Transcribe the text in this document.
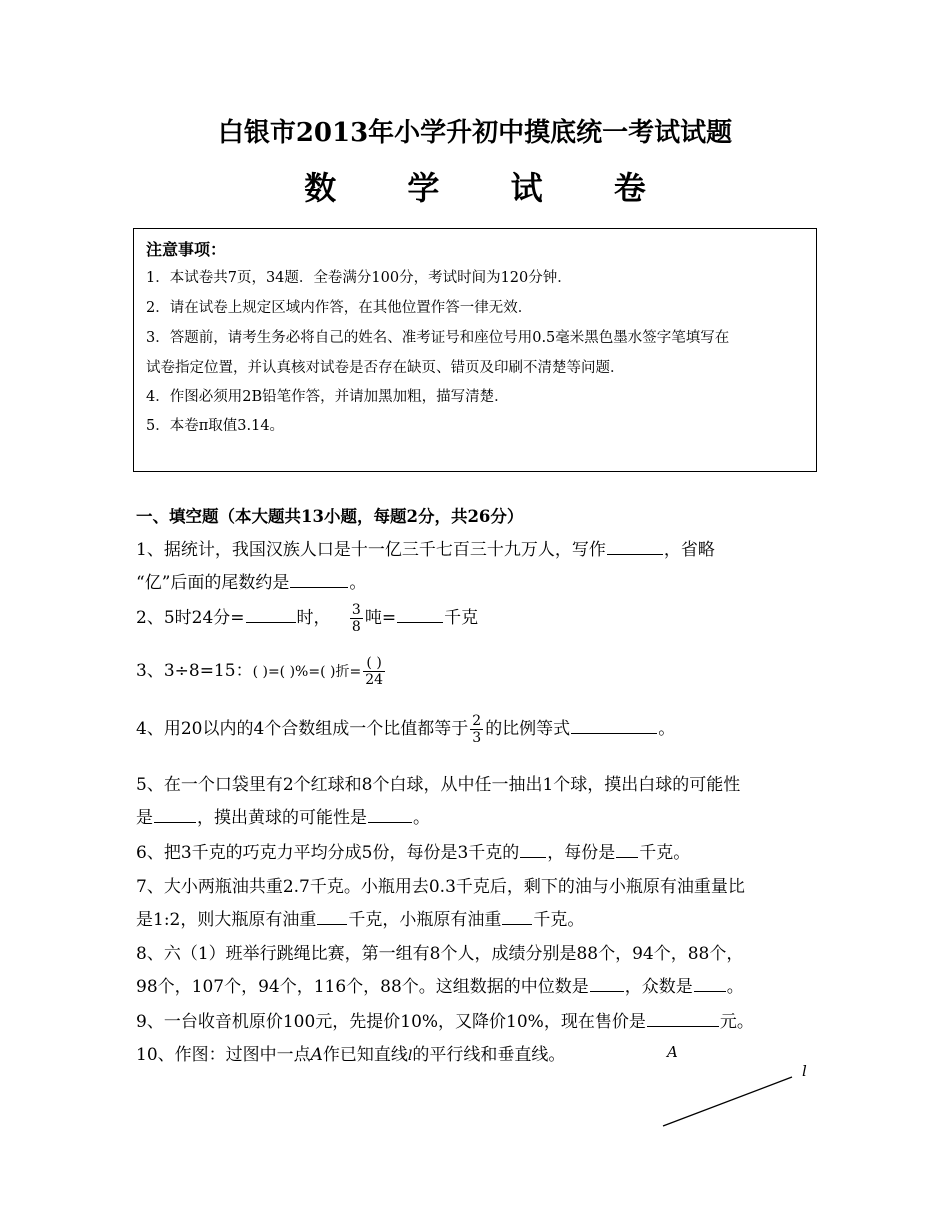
白银市2013年小学升初中摸底统一考试试题
数 学 试 卷
注意事项：
1．本试卷共7页，34题．全卷满分100分，考试时间为120分钟．
2．请在试卷上规定区域内作答，在其他位置作答一律无效．
3．答题前，请考生务必将自己的姓名、准考证号和座位号用0.5毫米黑色墨水签字笔填写在
试卷指定位置，并认真核对试卷是否存在缺页、错页及印刷不清楚等问题．
4．作图必须用2B铅笔作答，并请加黑加粗，描写清楚．
5．本卷π取值3.14。
一、填空题（本大题共13小题，每题2分，共26分）
1、据统计，我国汉族人口是十一亿三千七百三十九万人，写作	，省略
“亿”后面的尾数约是	。
2、5时24分=	时， $\frac{3}{8}$ 吨=	千克
3、3÷8=15：( )=( )%=( )折= $\frac{( )}{24}$
4、用20以内的4个合数组成一个比值都等于 $\frac{2}{3}$ 的比例等式	。
5、在一个口袋里有2个红球和8个白球，从中任一抽出1个球，摸出白球的可能性
是	，摸出黄球的可能性是	。
6、把3千克的巧克力平均分成5份，每份是3千克的 ，每份是 千克。
7、大小两瓶油共重2.7千克。小瓶用去0.3千克后，剩下的油与小瓶原有油重量比
是1:2，则大瓶原有油重 千克，小瓶原有油重 千克。
8、六（1）班举行跳绳比赛，第一组有8个人，成绩分别是88个，94个，88个，
98个，107个，94个，116个，88个。这组数据的中位数是 ，众数是 。
9、一台收音机原价100元，先提价10%，又降价10%，现在售价是	元。
10、作图：过图中一点A作已知直线l的平行线和垂直线。	A
l
